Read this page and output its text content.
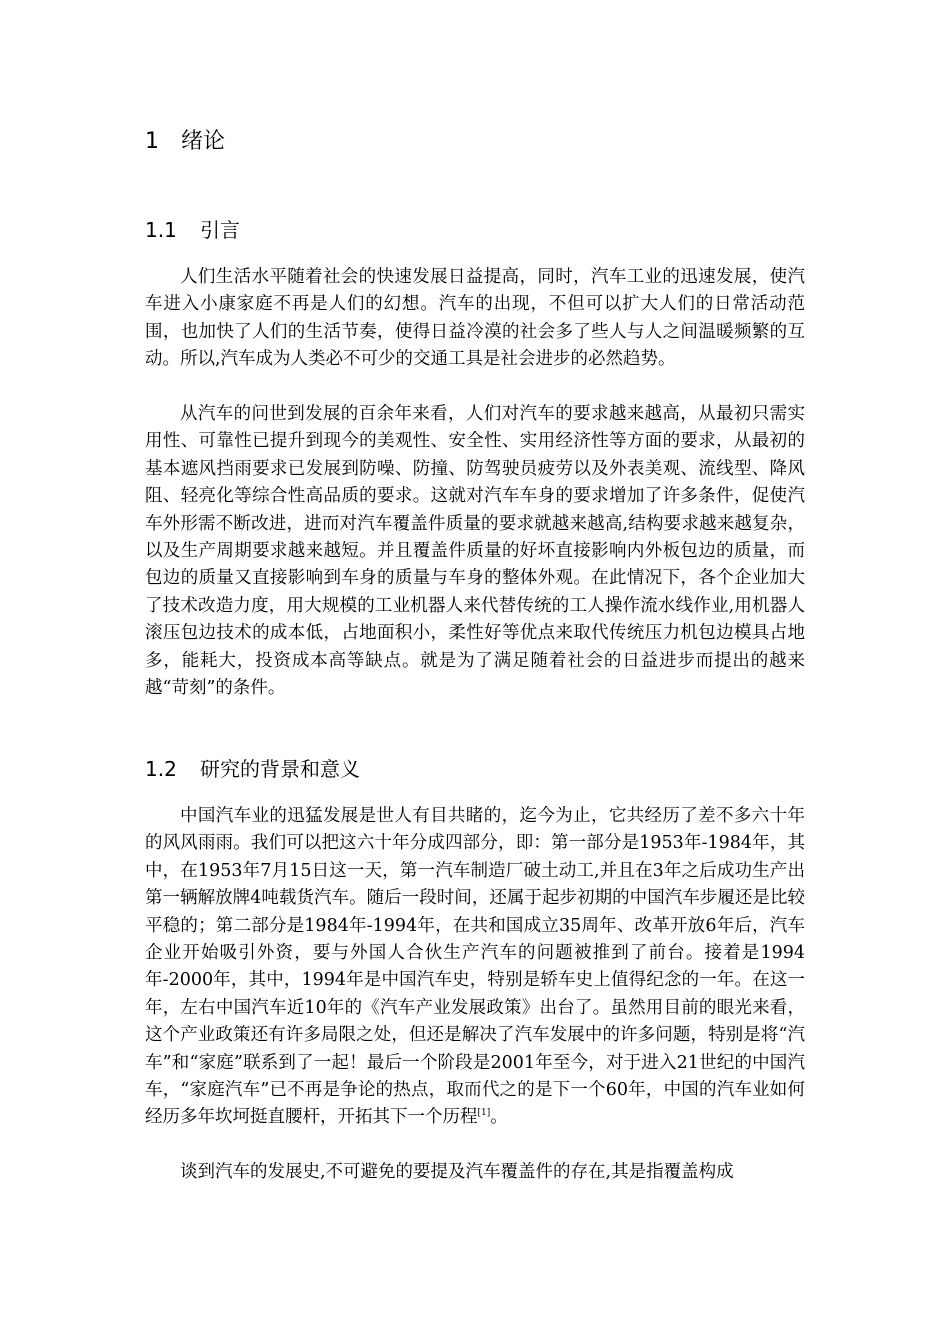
1 绪论
1.1 引言

人们生活水平随着社会的快速发展日益提高，同时，汽车工业的迅速发展，使汽车进入小康家庭不再是人们的幻想。汽车的出现，不但可以扩大人们的日常活动范围，也加快了人们的生活节奏，使得日益冷漠的社会多了些人与人之间温暖频繁的互动。所以,汽车成为人类必不可少的交通工具是社会进步的必然趋势。

从汽车的问世到发展的百余年来看，人们对汽车的要求越来越高，从最初只需实用性、可靠性已提升到现今的美观性、安全性、实用经济性等方面的要求，从最初的基本遮风挡雨要求已发展到防噪、防撞、防驾驶员疲劳以及外表美观、流线型、降风阻、轻亮化等综合性高品质的要求。这就对汽车车身的要求增加了许多条件，促使汽车外形需不断改进，进而对汽车覆盖件质量的要求就越来越高,结构要求越来越复杂，以及生产周期要求越来越短。并且覆盖件质量的好坏直接影响内外板包边的质量，而包边的质量又直接影响到车身的质量与车身的整体外观。在此情况下，各个企业加大了技术改造力度，用大规模的工业机器人来代替传统的工人操作流水线作业,用机器人滚压包边技术的成本低，占地面积小，柔性好等优点来取代传统压力机包边模具占地多，能耗大，投资成本高等缺点。就是为了满足随着社会的日益进步而提出的越来越“苛刻”的条件。

1.2 研究的背景和意义

中国汽车业的迅猛发展是世人有目共睹的，迄今为止，它共经历了差不多六十年的风风雨雨。我们可以把这六十年分成四部分，即：第一部分是1953年-1984年，其中，在1953年7月15日这一天，第一汽车制造厂破土动工,并且在3年之后成功生产出第一辆解放牌4吨载货汽车。随后一段时间，还属于起步初期的中国汽车步履还是比较平稳的；第二部分是1984年-1994年，在共和国成立35周年、改革开放6年后，汽车企业开始吸引外资，要与外国人合伙生产汽车的问题被推到了前台。接着是1994年-2000年，其中，1994年是中国汽车史，特别是轿车史上值得纪念的一年。在这一年，左右中国汽车近10年的《汽车产业发展政策》出台了。虽然用目前的眼光来看，这个产业政策还有许多局限之处，但还是解决了汽车发展中的许多问题，特别是将“汽车”和“家庭”联系到了一起！最后一个阶段是2001年至今，对于进入21世纪的中国汽车，“家庭汽车”已不再是争论的热点，取而代之的是下一个60年，中国的汽车业如何经历多年坎坷挺直腰杆，开拓其下一个历程[1]。

谈到汽车的发展史,不可避免的要提及汽车覆盖件的存在,其是指覆盖构成
